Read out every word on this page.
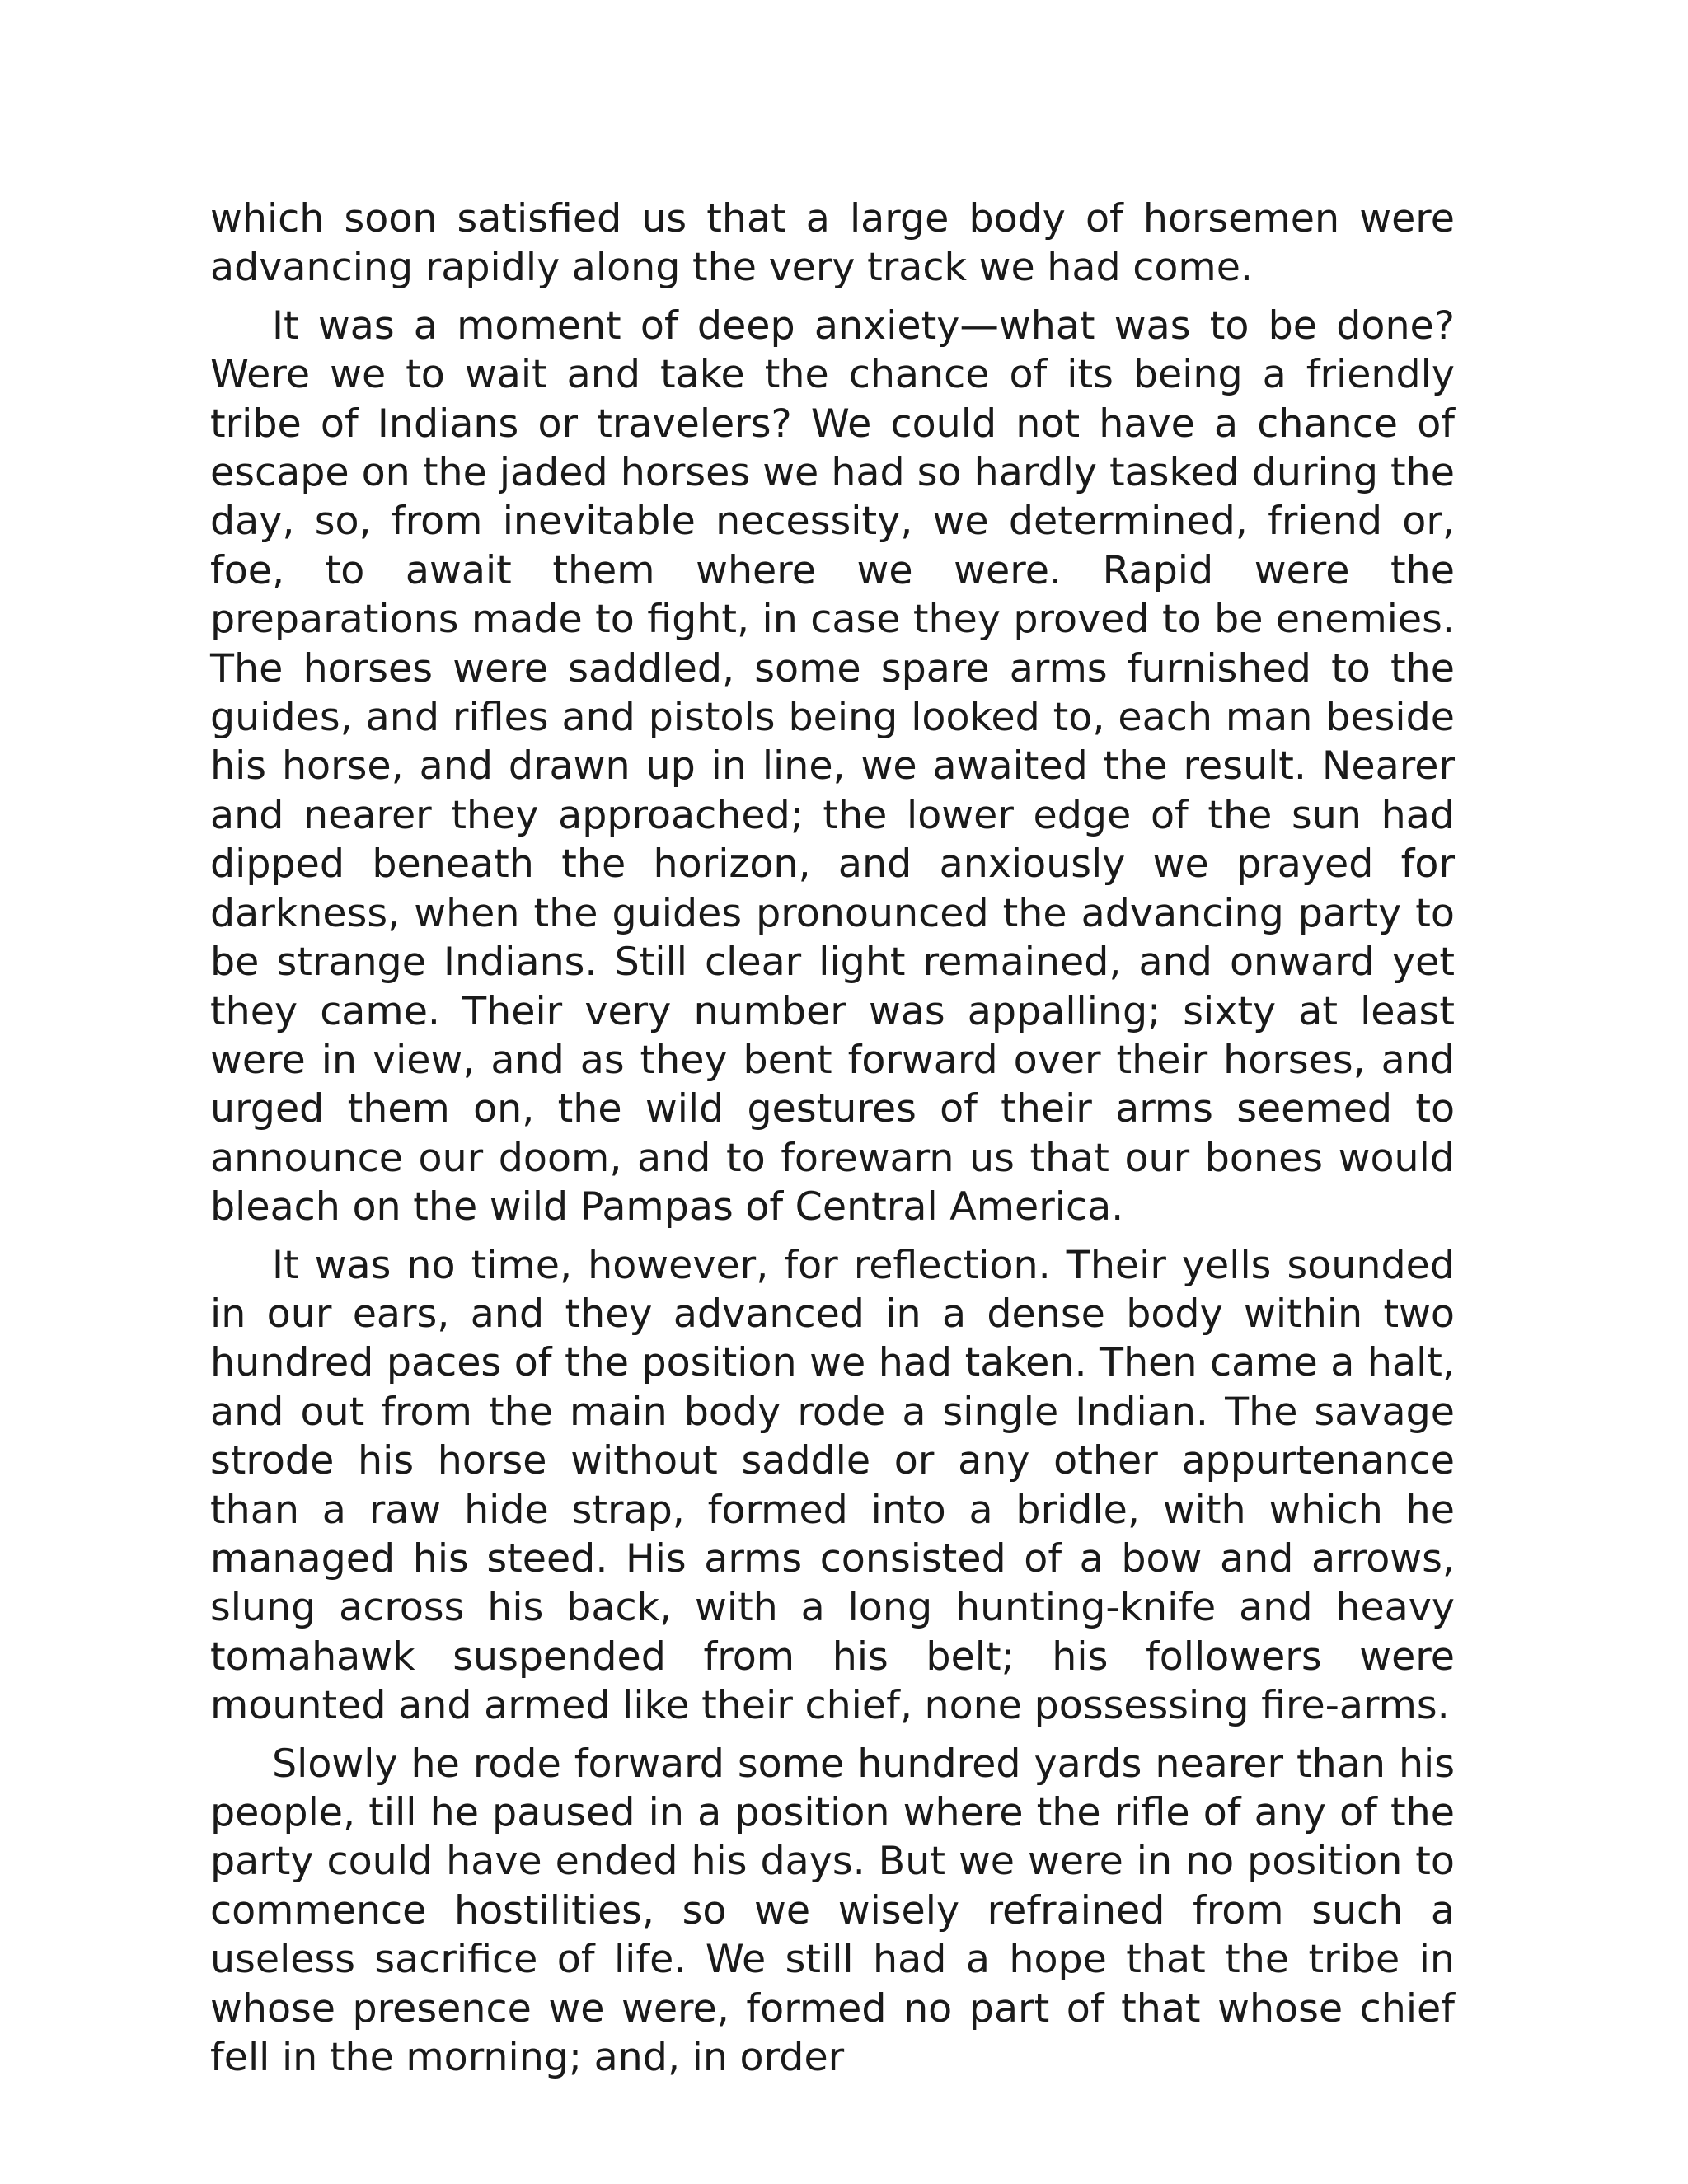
which soon satisfied us that a large body of horsemen were advancing rapidly along the very track we had come.

It was a moment of deep anxiety—what was to be done? Were we to wait and take the chance of its being a friendly tribe of Indians or travelers? We could not have a chance of escape on the jaded horses we had so hardly tasked during the day, so, from inevitable necessity, we determined, friend or, foe, to await them where we were. Rapid were the preparations made to fight, in case they proved to be enemies. The horses were saddled, some spare arms furnished to the guides, and rifles and pistols being looked to, each man beside his horse, and drawn up in line, we awaited the result. Nearer and nearer they approached; the lower edge of the sun had dipped beneath the horizon, and anxiously we prayed for darkness, when the guides pronounced the advancing party to be strange Indians. Still clear light remained, and onward yet they came. Their very number was appalling; sixty at least were in view, and as they bent forward over their horses, and urged them on, the wild gestures of their arms seemed to announce our doom, and to forewarn us that our bones would bleach on the wild Pampas of Central America.

It was no time, however, for reflection. Their yells sounded in our ears, and they advanced in a dense body within two hundred paces of the position we had taken. Then came a halt, and out from the main body rode a single Indian. The savage strode his horse without saddle or any other appurtenance than a raw hide strap, formed into a bridle, with which he managed his steed. His arms consisted of a bow and arrows, slung across his back, with a long hunting-knife and heavy tomahawk suspended from his belt; his followers were mounted and armed like their chief, none possessing fire-arms.

Slowly he rode forward some hundred yards nearer than his people, till he paused in a position where the rifle of any of the party could have ended his days. But we were in no position to commence hostilities, so we wisely refrained from such a useless sacrifice of life. We still had a hope that the tribe in whose presence we were, formed no part of that whose chief fell in the morning; and, in order
